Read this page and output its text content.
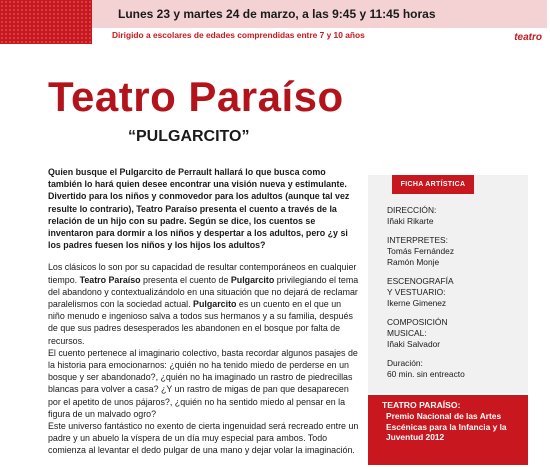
Lunes 23 y martes 24 de marzo, a las 9:45 y 11:45 horas
Dirigido a escolares de edades comprendidas entre 7 y 10 años	teatro
Teatro Paraíso
“PULGARCITO”

Quien busque el Pulgarcito de Perrault hallará lo que busca como también lo hará quien desee encontrar una visión nueva y estimulante. Divertido para los niños y conmovedor para los adultos (aunque tal vez resulte lo contrario), Teatro Paraíso presenta el cuento a través de la relación de un hijo con su padre. Según se dice, los cuentos se inventaron para dormir a los niños y despertar a los adultos, pero ¿y si los padres fuesen los niños y los hijos los adultos?

Los clásicos lo son por su capacidad de resultar contemporáneos en cualquier tiempo. Teatro Paraíso presenta el cuento de Pulgarcito privilegiando el tema del abandono y contextualizándolo en una situación que no dejará de reclamar paralelismos con la sociedad actual. Pulgarcito es un cuento en el que un niño menudo e ingenioso salva a todos sus hermanos y a su familia, después de que sus padres desesperados les abandonen en el bosque por falta de recursos.

El cuento pertenece al imaginario colectivo, basta recordar algunos pasajes de la historia para emocionarnos: ¿quién no ha tenido miedo de perderse en un bosque y ser abandonado?, ¿quién no ha imaginado un rastro de piedrecillas blancas para volver a casa? ¿Y un rastro de migas de pan que desaparecen por el apetito de unos pájaros?, ¿quién no ha sentido miedo al pensar en la figura de un malvado ogro?

Este universo fantástico no exento de cierta ingenuidad será recreado entre un padre y un abuelo la víspera de un día muy especial para ambos. Todo comienza al levantar el dedo pulgar de una mano y dejar volar la imaginación.

FICHA ARTÍSTICA
DIRECCIÓN:
Iñaki Rikarte
INTERPRETES:
Tomás Fernández
Ramón Monje
ESCENOGRAFÍA
Y VESTUARIO:
Ikerne Gimenez
COMPOSICIÓN
MUSICAL:
Iñaki Salvador
Duración:
60 min. sin entreacto
TEATRO PARAÍSO:
Premio Nacional de las Artes Escénicas para la Infancia y la Juventud 2012
